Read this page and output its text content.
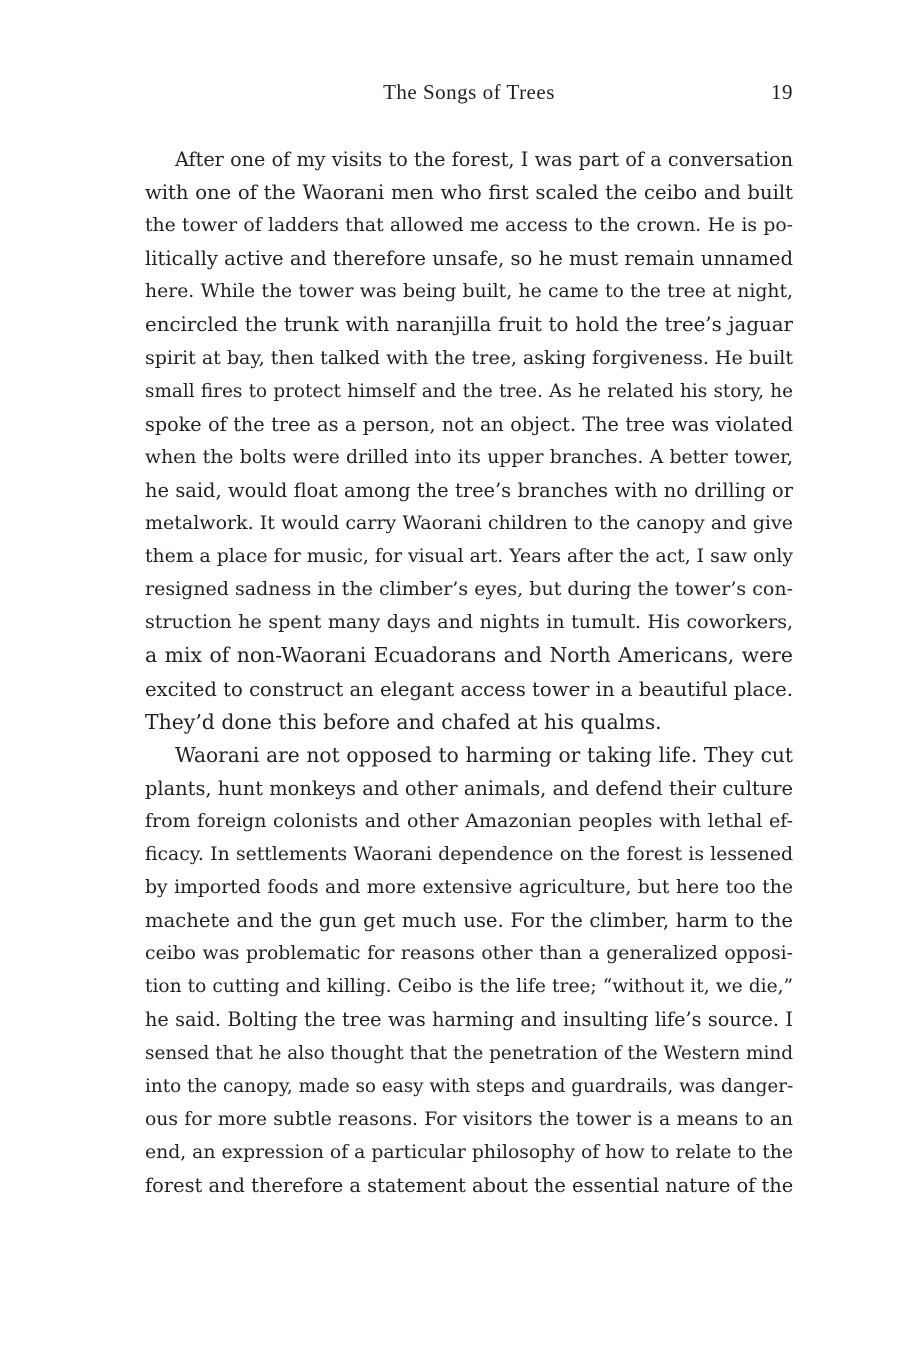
The Songs of Trees	19
After one of my visits to the forest, I was part of a conversation
with one of the Waorani men who first scaled the ceibo and built
the tower of ladders that allowed me access to the crown. He is po-
litically active and therefore unsafe, so he must remain unnamed
here. While the tower was being built, he came to the tree at night,
encircled the trunk with naranjilla fruit to hold the tree’s jaguar
spirit at bay, then talked with the tree, asking forgiveness. He built
small fires to protect himself and the tree. As he related his story, he
spoke of the tree as a person, not an object. The tree was violated
when the bolts were drilled into its upper branches. A better tower,
he said, would float among the tree’s branches with no drilling or
metalwork. It would carry Waorani children to the canopy and give
them a place for music, for visual art. Years after the act, I saw only
resigned sadness in the climber’s eyes, but during the tower’s con-
struction he spent many days and nights in tumult. His coworkers,
a mix of non-Waorani Ecuadorans and North Americans, were
excited to construct an elegant access tower in a beautiful place.
They’d done this before and chafed at his qualms.
Waorani are not opposed to harming or taking life. They cut
plants, hunt monkeys and other animals, and defend their culture
from foreign colonists and other Amazonian peoples with lethal ef-
ficacy. In settlements Waorani dependence on the forest is lessened
by imported foods and more extensive agriculture, but here too the
machete and the gun get much use. For the climber, harm to the
ceibo was problematic for reasons other than a generalized opposi-
tion to cutting and killing. Ceibo is the life tree; “without it, we die,”
he said. Bolting the tree was harming and insulting life’s source. I
sensed that he also thought that the penetration of the Western mind
into the canopy, made so easy with steps and guardrails, was danger-
ous for more subtle reasons. For visitors the tower is a means to an
end, an expression of a particular philosophy of how to relate to the
forest and therefore a statement about the essential nature of the
